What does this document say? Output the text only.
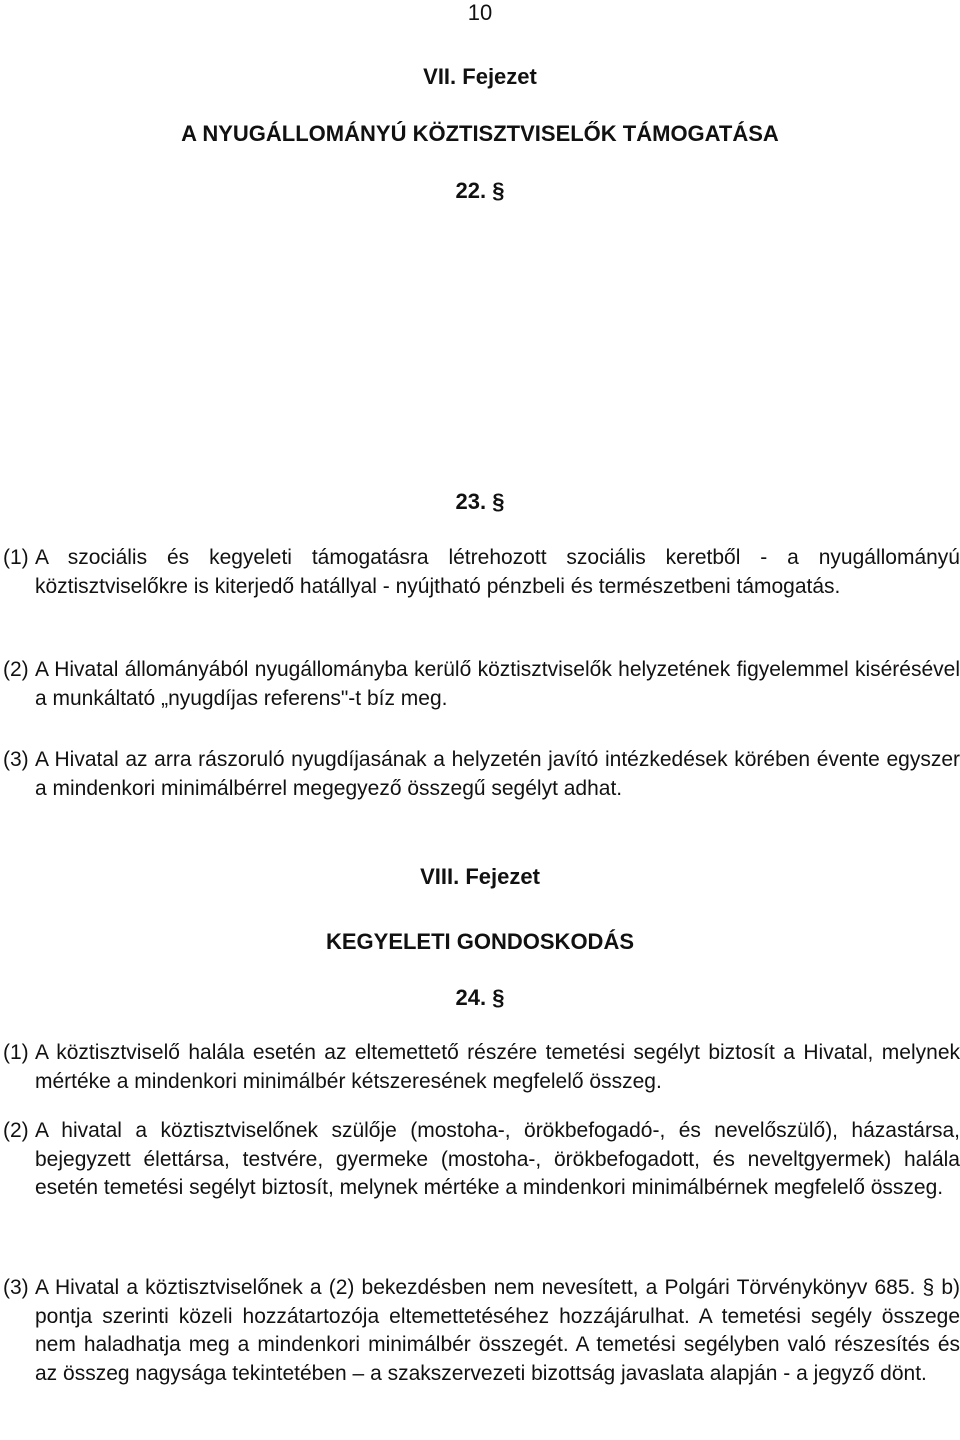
10
VII. Fejezet
A NYUGÁLLOMÁNYÚ KÖZTISZTVISELŐK TÁMOGATÁSA
22. §
23. §
(1) A szociális és kegyeleti támogatásra létrehozott szociális keretből - a nyugállományú köztisztviselőkre is kiterjedő hatállyal - nyújtható pénzbeli és természetbeni támogatás.
(2) A Hivatal állományából nyugállományba kerülő köztisztviselők helyzetének figyelemmel kisérésével a munkáltató „nyugdíjas referens"-t bíz meg.
(3) A Hivatal az arra rászoruló nyugdíjasának a helyzetén javító intézkedések körében évente egyszer a mindenkori minimálbérrel megegyező összegű segélyt adhat.
VIII. Fejezet
KEGYELETI GONDOSKODÁS
24. §
(1) A köztisztviselő halála esetén az eltemettető részére temetési segélyt biztosít a Hivatal, melynek mértéke a mindenkori minimálbér kétszeresének megfelelő összeg.
(2) A hivatal a köztisztviselőnek szülője (mostoha-, örökbefogadó-, és nevelőszülő), házastársa, bejegyzett élettársa, testvére, gyermeke (mostoha-, örökbefogadott, és neveltgyermek) halála esetén temetési segélyt biztosít, melynek mértéke a mindenkori minimálbérnek megfelelő összeg.
(3) A Hivatal a köztisztviselőnek a (2) bekezdésben nem nevesített, a Polgári Törvénykönyv 685. § b) pontja szerinti közeli hozzátartozója eltemettetéséhez hozzájárulhat. A temetési segély összege nem haladhatja meg a mindenkori minimálbér összegét. A temetési segélyben való részesítés és az összeg nagysága tekintetében – a szakszervezeti bizottság javaslata alapján - a jegyző dönt.
